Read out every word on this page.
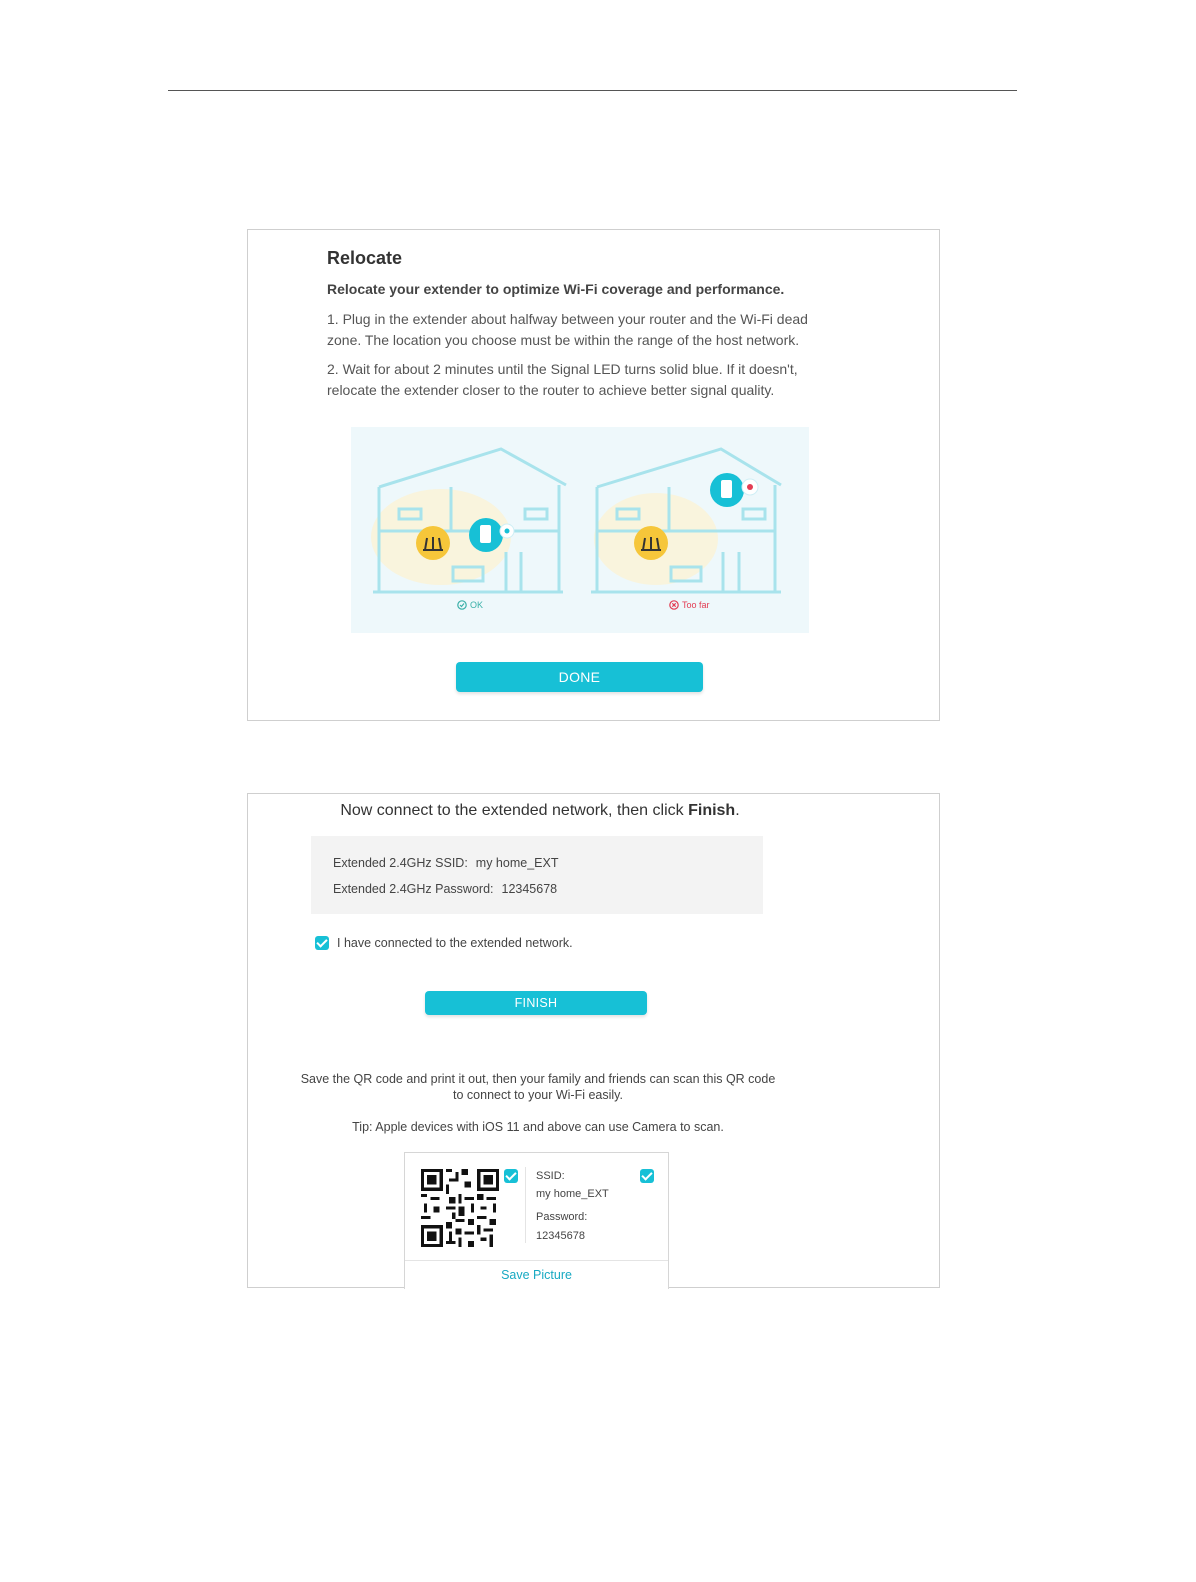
Relocate
Relocate your extender to optimize Wi-Fi coverage and performance.
1. Plug in the extender about halfway between your router and the Wi-Fi dead zone. The location you choose must be within the range of the host network.
2. Wait for about 2 minutes until the Signal LED turns solid blue. If it doesn't, relocate the extender closer to the router to achieve better signal quality.
OK	Too far
DONE
Now connect to the extended network, then click Finish.
Extended 2.4GHz SSID: my home_EXT
Extended 2.4GHz Password: 12345678
I have connected to the extended network.
FINISH
Save the QR code and print it out, then your family and friends can scan this QR code to connect to your Wi-Fi easily.
Tip: Apple devices with iOS 11 and above can use Camera to scan.
SSID:
my home_EXT
Password:
12345678
Save Picture
